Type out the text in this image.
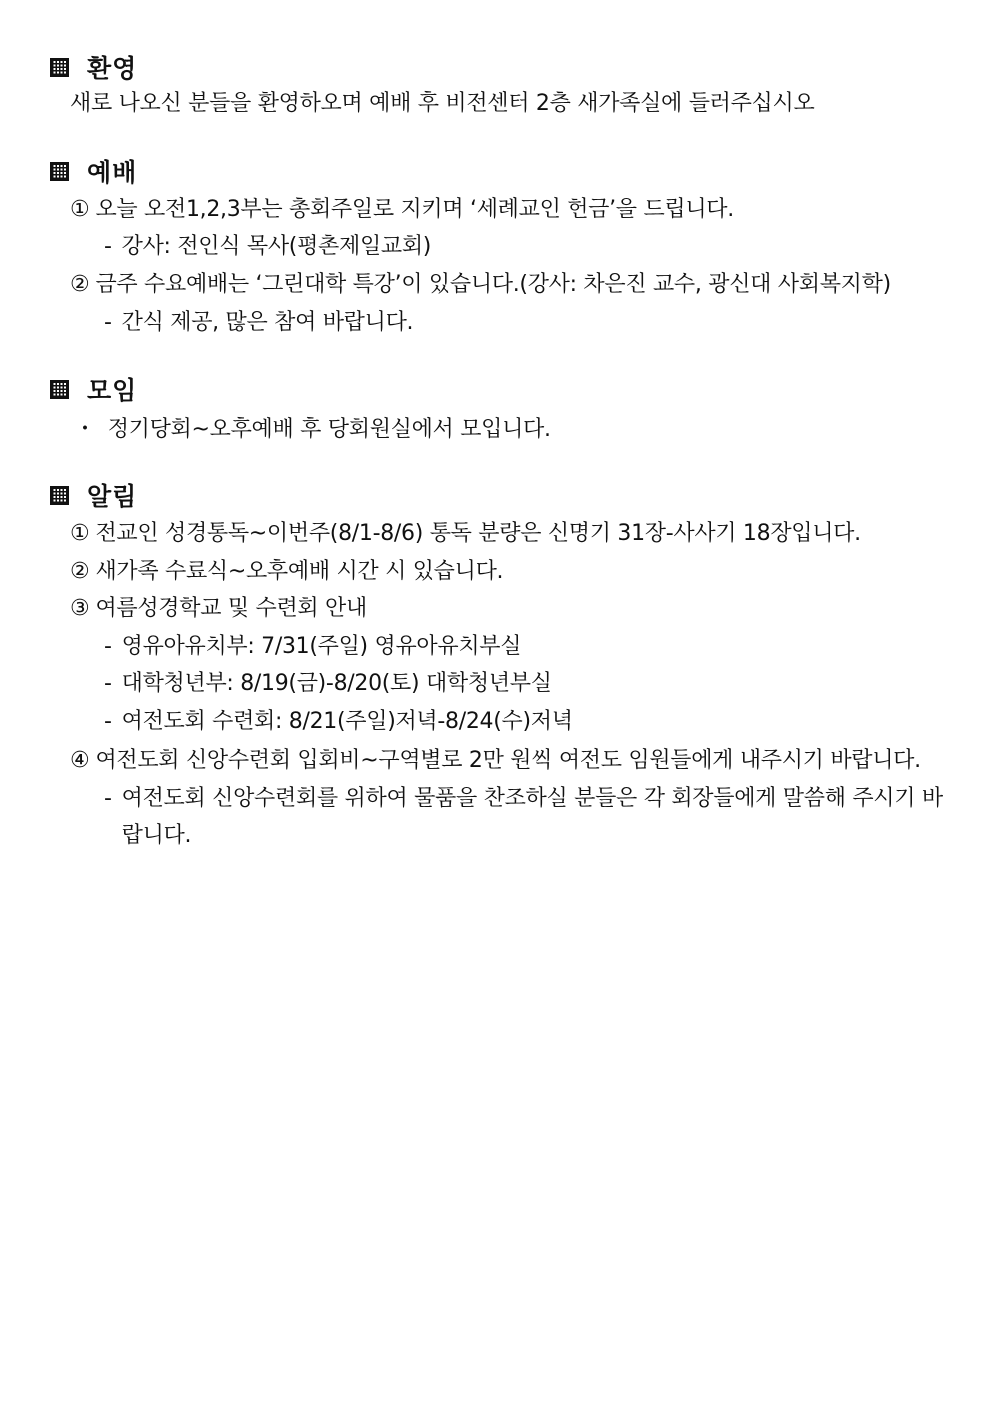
환영
새로 나오신 분들을 환영하오며 예배 후 비전센터 2층 새가족실에 들러주십시오
예배
① 오늘 오전1,2,3부는 총회주일로 지키며 ‘세례교인 헌금’을 드립니다.
- 강사: 전인식 목사(평촌제일교회)
② 금주 수요예배는 ‘그린대학 특강’이 있습니다.(강사: 차은진 교수, 광신대 사회복지학)
- 간식 제공, 많은 참여 바랍니다.
모임
・ 정기당회~오후예배 후 당회원실에서 모입니다.
알림
① 전교인 성경통독~이번주(8/1-8/6) 통독 분량은 신명기 31장-사사기 18장입니다.
② 새가족 수료식~오후예배 시간 시 있습니다.
③ 여름성경학교 및 수련회 안내
- 영유아유치부: 7/31(주일) 영유아유치부실
- 대학청년부: 8/19(금)-8/20(토) 대학청년부실
- 여전도회 수련회: 8/21(주일)저녁-8/24(수)저녁
④ 여전도회 신앙수련회 입회비~구역별로 2만 원씩 여전도 임원들에게 내주시기 바랍니다.
- 여전도회 신앙수련회를 위하여 물품을 찬조하실 분들은 각 회장들에게 말씀해 주시기 바랍니다.
